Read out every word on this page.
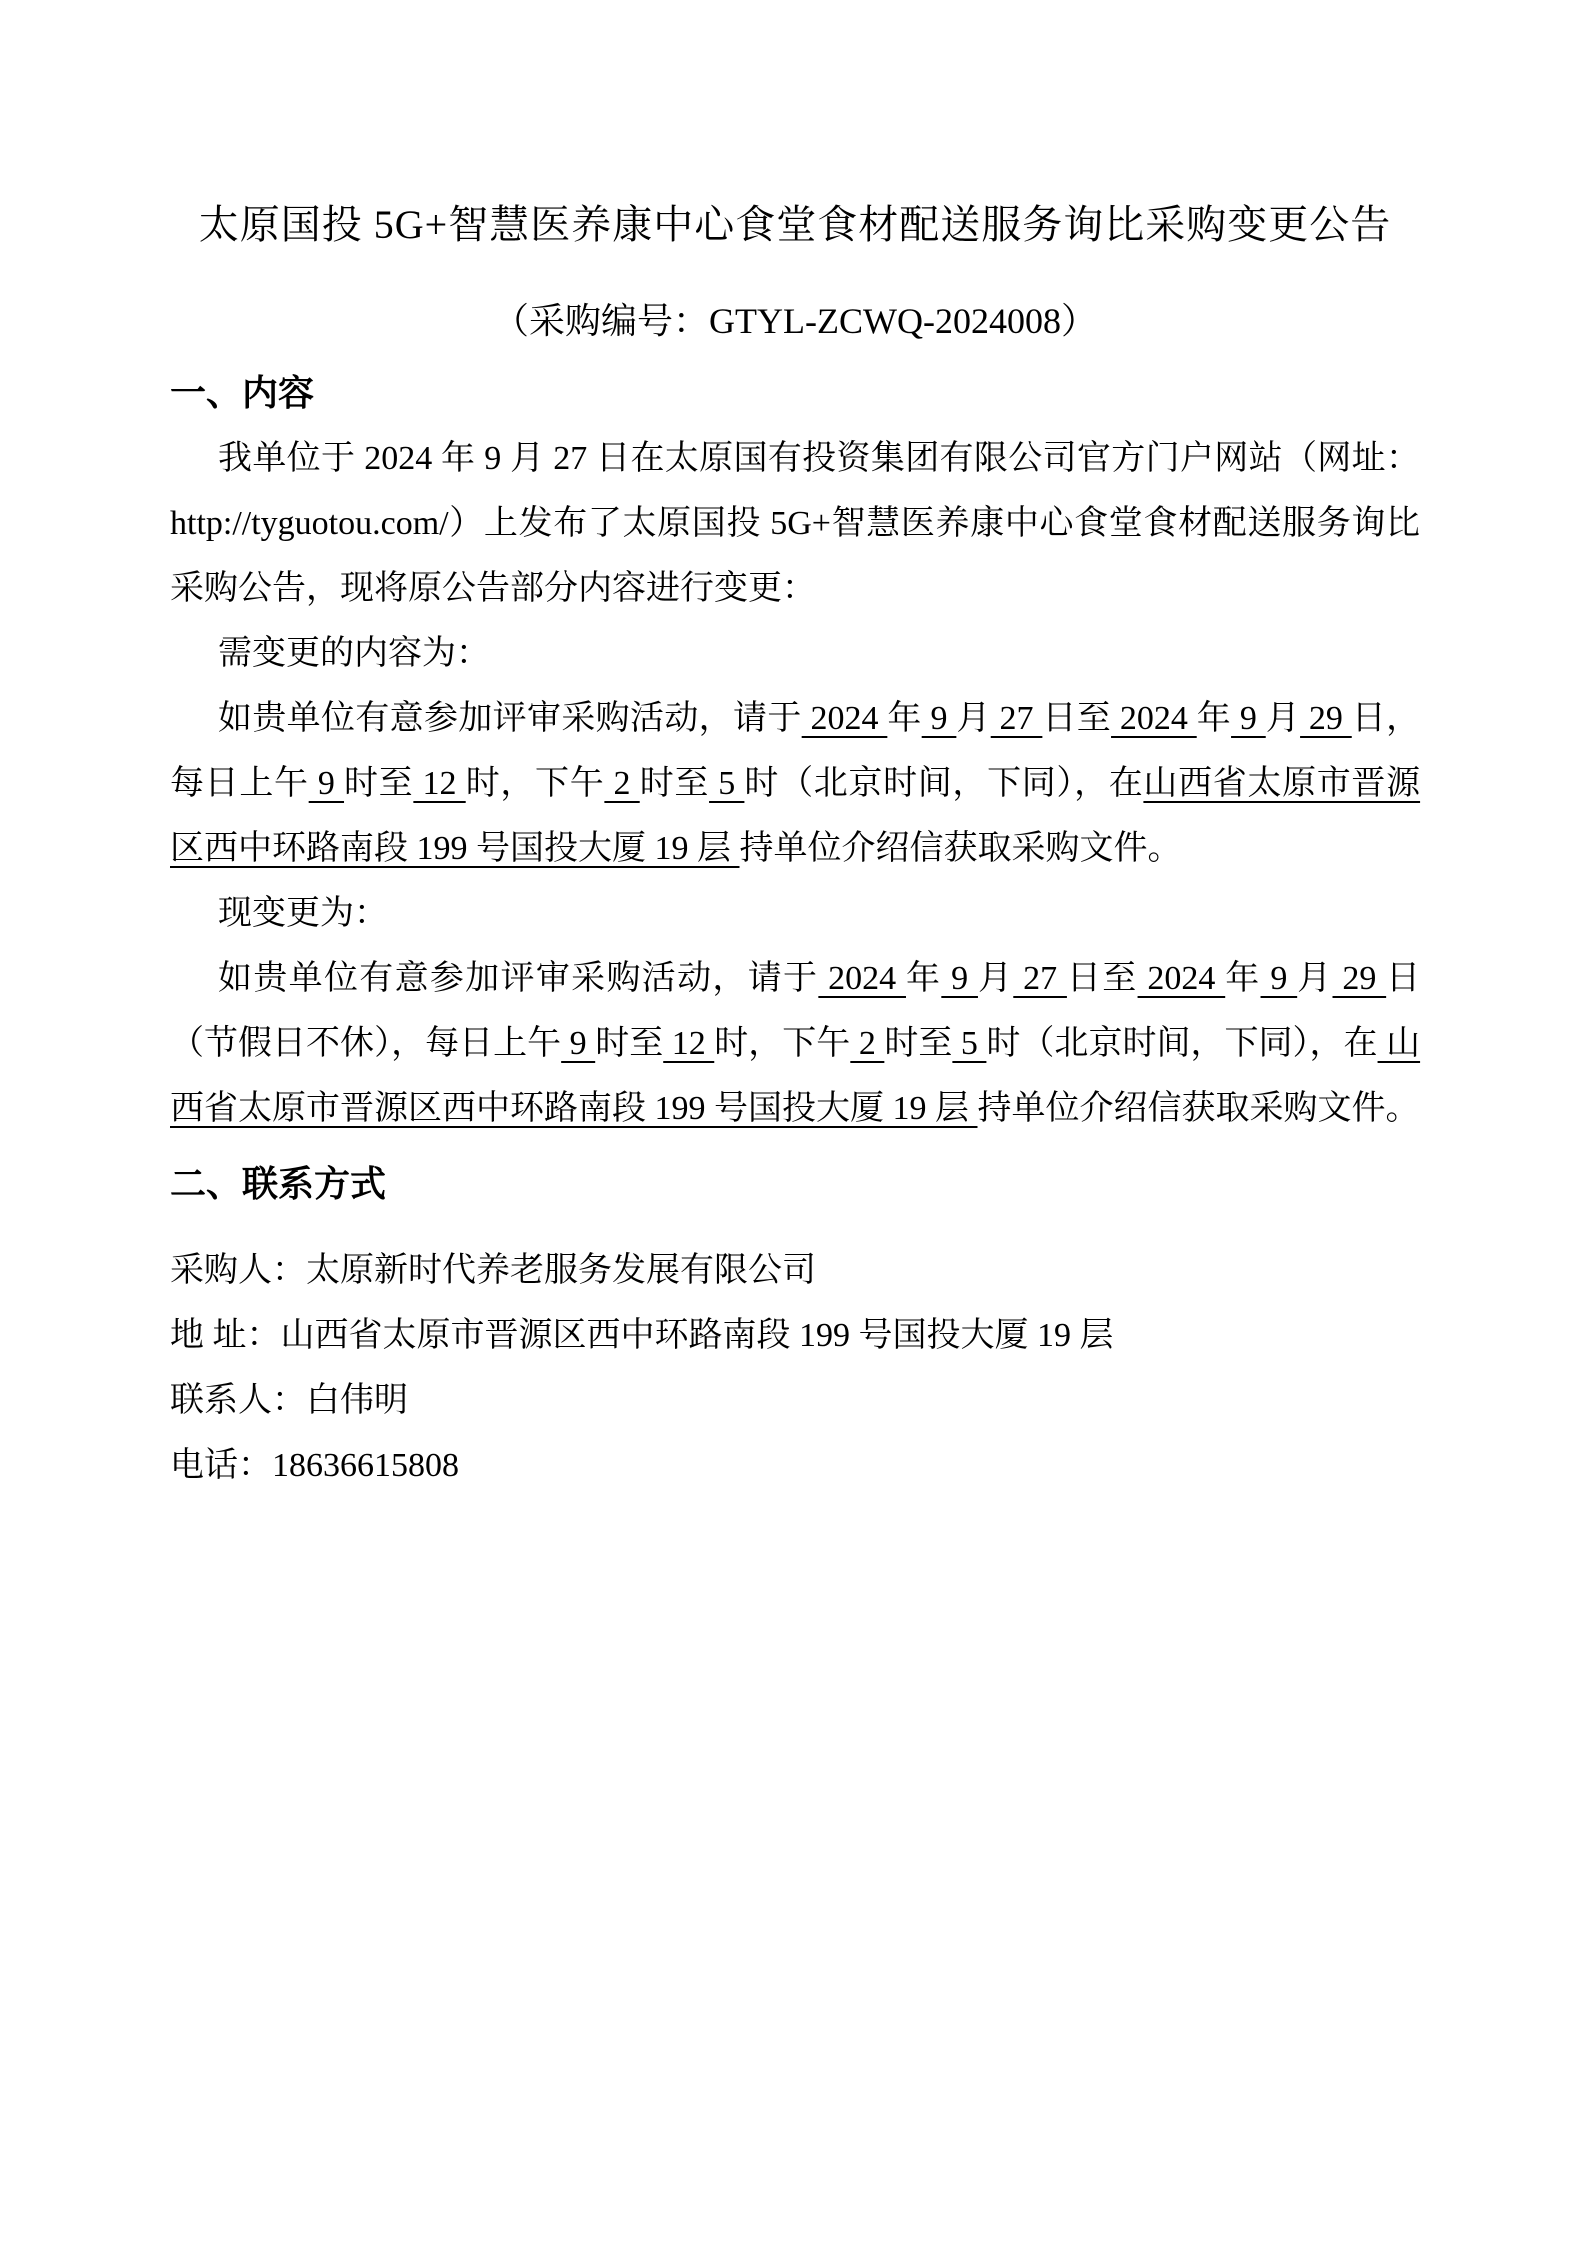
太原国投 5G+智慧医养康中心食堂食材配送服务询比采购变更公告
（采购编号：GTYL-ZCWQ-2024008）
一、内容

我单位于 2024 年 9 月 27 日在太原国有投资集团有限公司官方门户网站（网址：http://tyguotou.com/）上发布了太原国投 5G+智慧医养康中心食堂食材配送服务询比采购公告，现将原公告部分内容进行变更：

需变更的内容为：

如贵单位有意参加评审采购活动，请于 2024 年 9 月 27 日至 2024 年 9 月 29 日，每日上午 9 时至 12 时，下午 2 时至 5 时（北京时间，下同），在山西省太原市晋源区西中环路南段 199 号国投大厦 19 层 持单位介绍信获取采购文件。

现变更为：

如贵单位有意参加评审采购活动，请于 2024 年 9 月 27 日至 2024 年 9 月 29 日（节假日不休），每日上午 9 时至 12 时，下午 2 时至 5 时（北京时间，下同），在 山西省太原市晋源区西中环路南段 199 号国投大厦 19 层 持单位介绍信获取采购文件。

二、联系方式

采购人：太原新时代养老服务发展有限公司

地 址：山西省太原市晋源区西中环路南段 199 号国投大厦 19 层

联系人：白伟明

电话：18636615808
